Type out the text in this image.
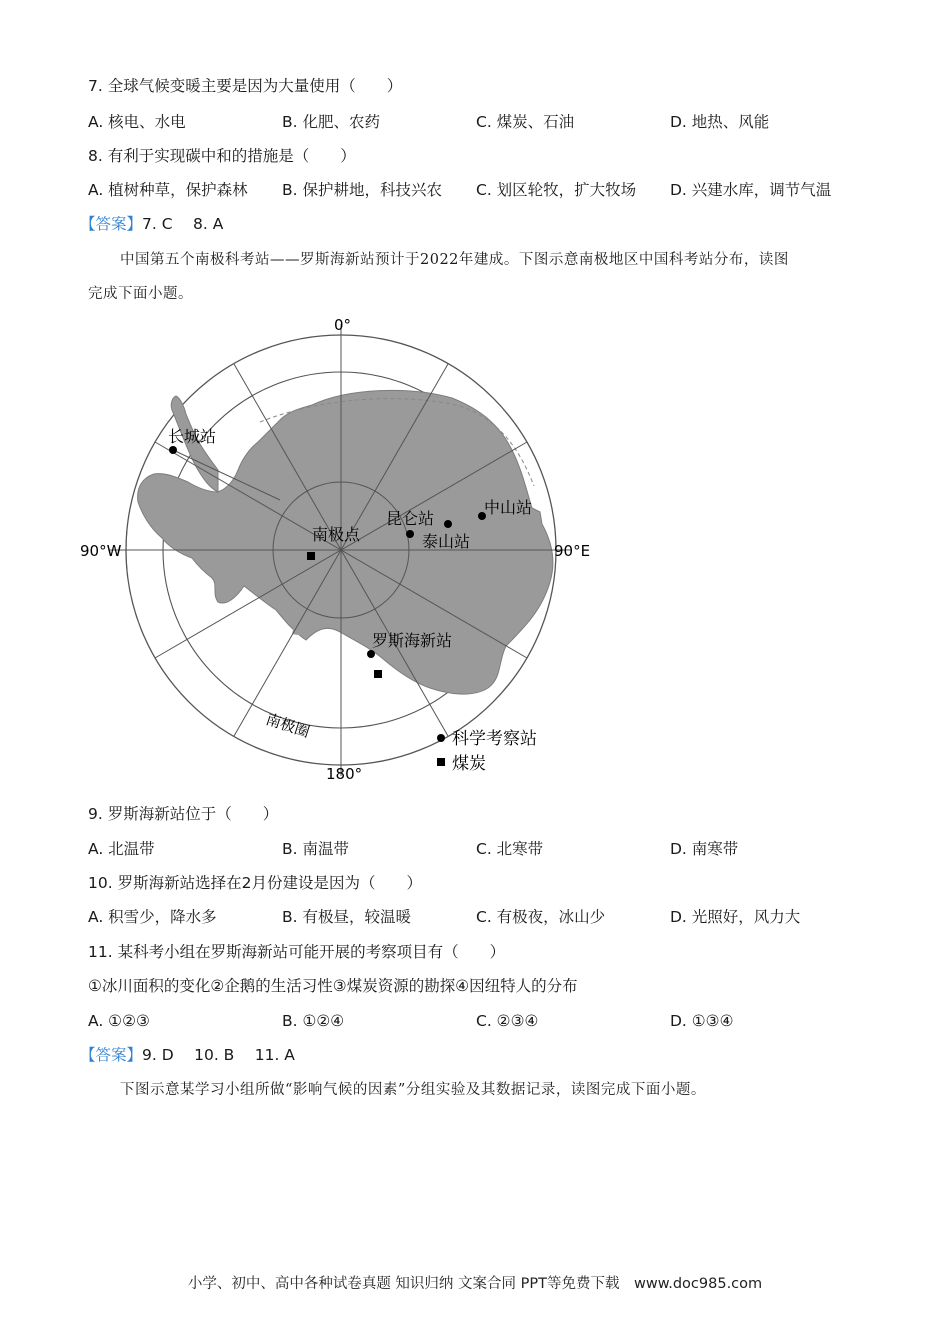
7. 全球气候变暖主要是因为大量使用（　　）
A. 核电、水电	B. 化肥、农药	C. 煤炭、石油	D. 地热、风能
8. 有利于实现碳中和的措施是（　　）
A. 植树种草，保护森林 B. 保护耕地，科技兴农 C. 划区轮牧，扩大牧场 D. 兴建水库，调节气温
【答案】7. C　 8. A
中国第五个南极科考站——罗斯海新站预计于2022年建成。下图示意南极地区中国科考站分布，读图
完成下面小题。
0°
180°
90°W	90°E
长城站
中山站
昆仑站
泰山站
南极点
罗斯海新站
南极圈	科学考察站
煤炭
9. 罗斯海新站位于（　　）
A. 北温带	B. 南温带	C. 北寒带	D. 南寒带
10. 罗斯海新站选择在2月份建设是因为（　　）
A. 积雪少，降水多	B. 有极昼，较温暖	C. 有极夜，冰山少	D. 光照好，风力大
11. 某科考小组在罗斯海新站可能开展的考察项目有（　　）
①冰川面积的变化②企鹅的生活习性③煤炭资源的勘探④因纽特人的分布
A. ①②③	B. ①②④	C. ②③④	D. ①③④
【答案】9. D　 10. B　 11. A
下图示意某学习小组所做“影响气候的因素”分组实验及其数据记录，读图完成下面小题。
小学、初中、高中各种试卷真题 知识归纳 文案合同 PPT等免费下载　www.doc985.com
